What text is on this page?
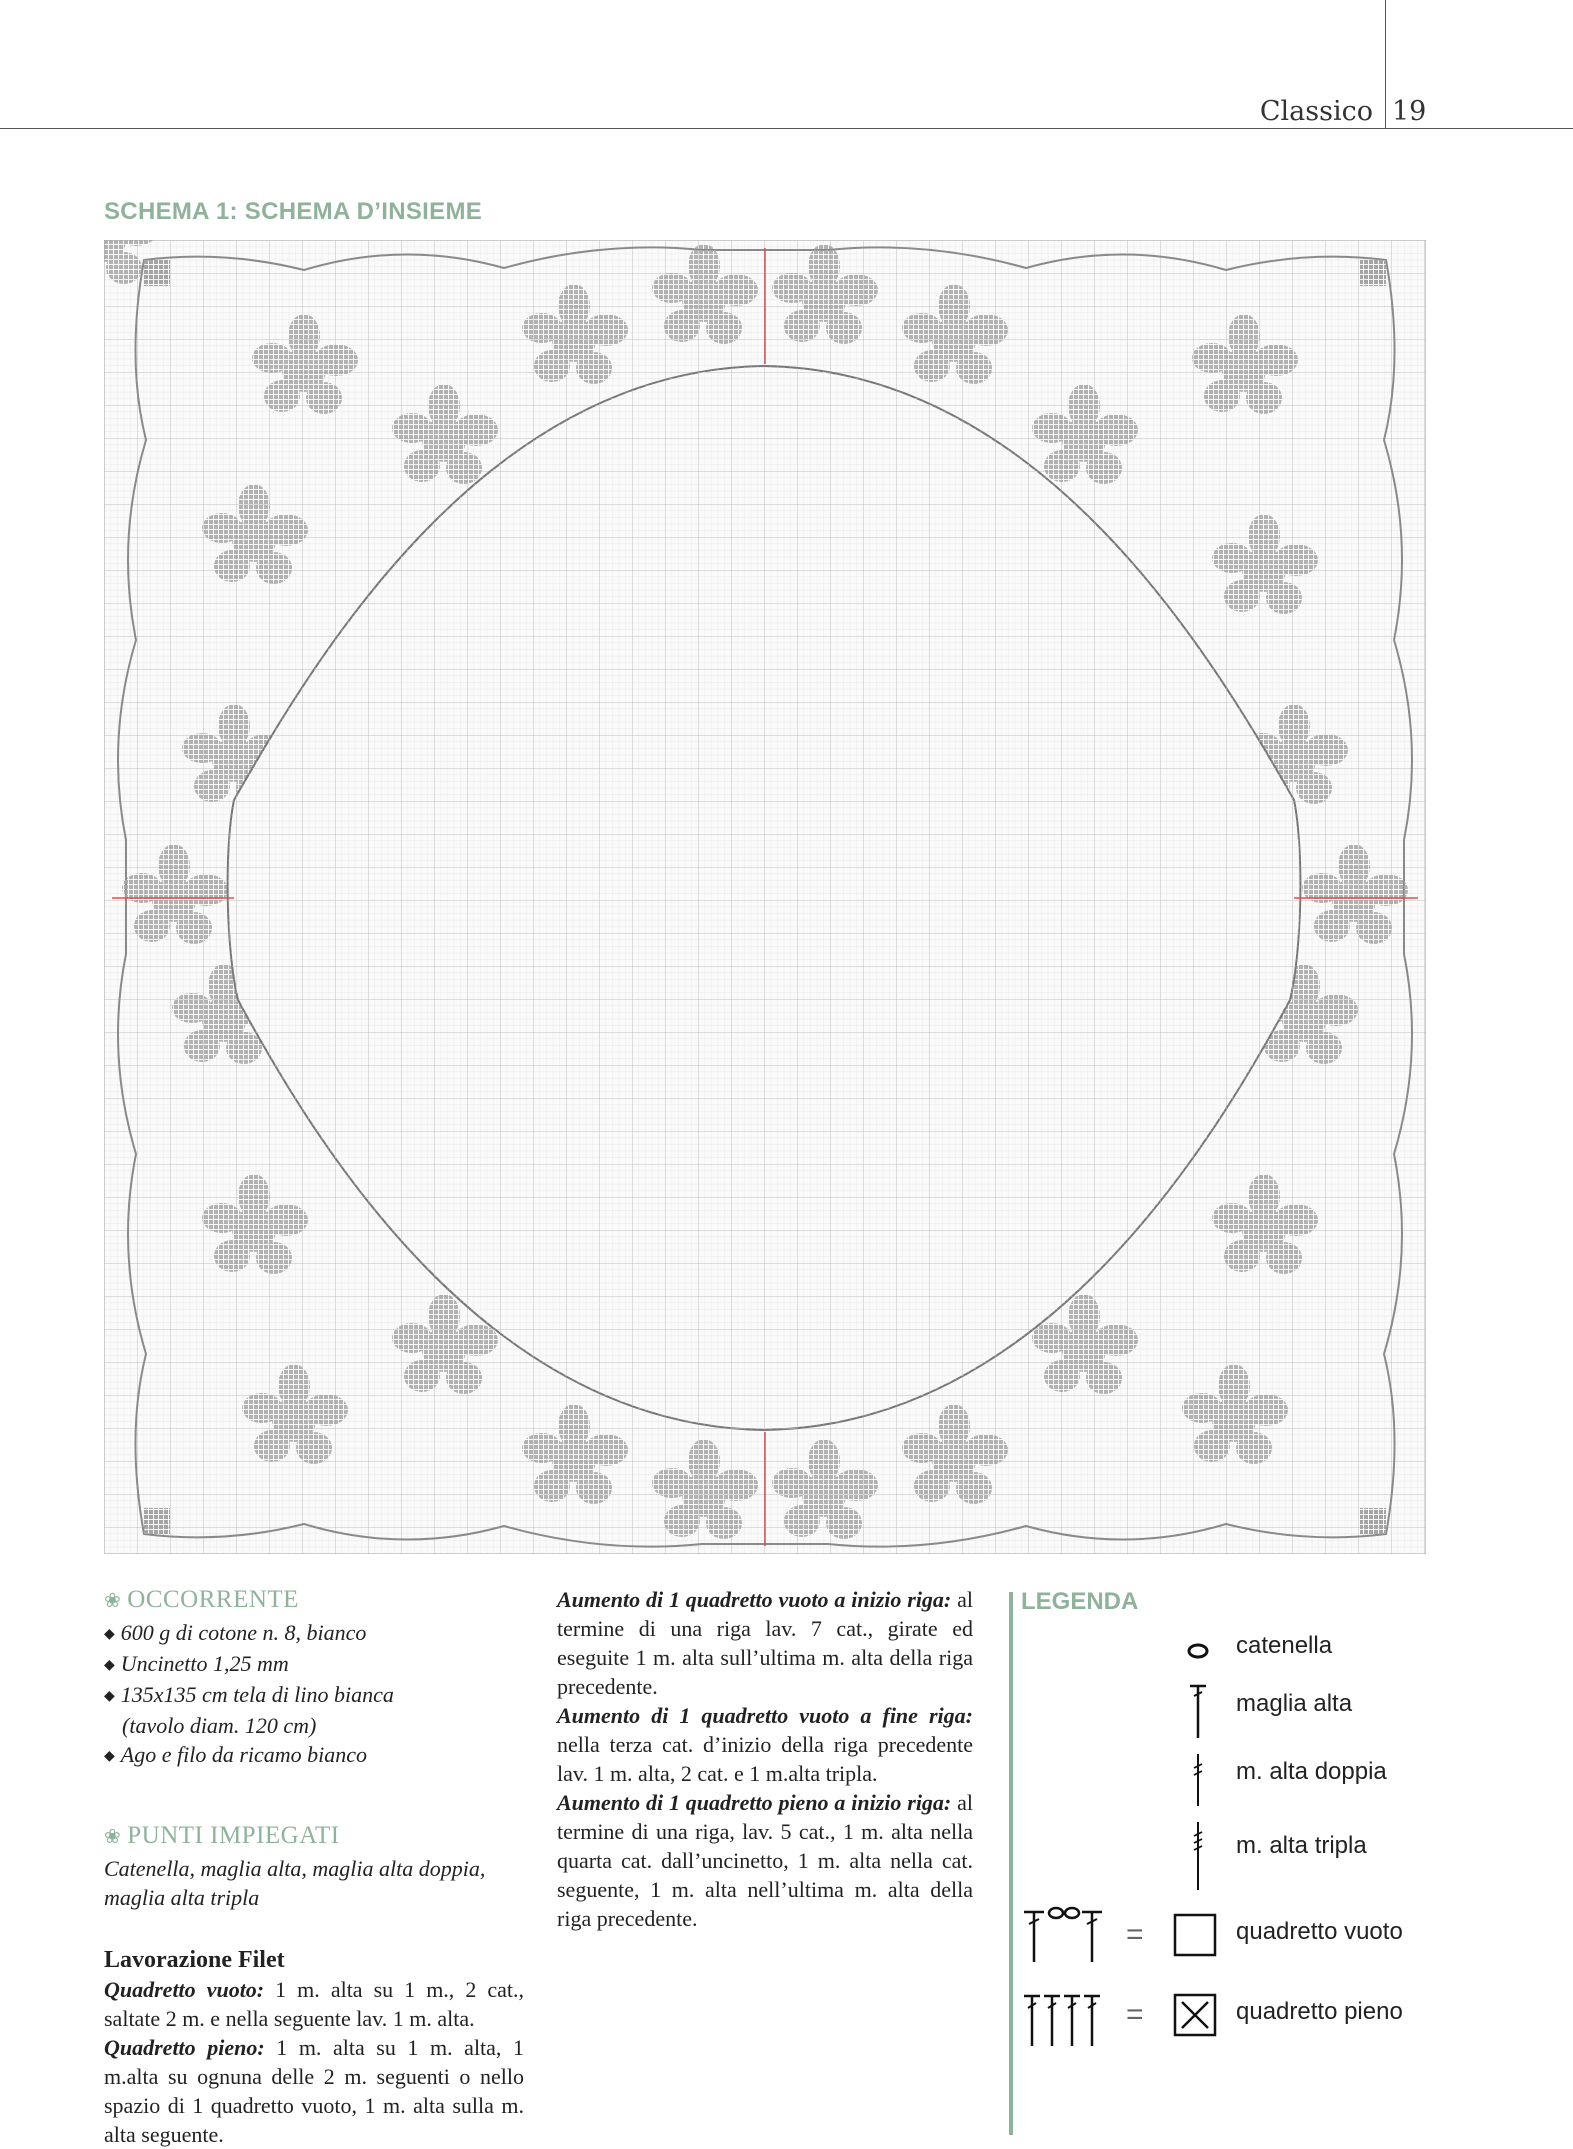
Classico 19
SCHEMA 1: SCHEMA D’INSIEME
❀ OCCORRENTE
◆ 600 g di cotone n. 8, bianco
◆ Uncinetto 1,25 mm
◆ 135x135 cm tela di lino bianca
(tavolo diam. 120 cm)
◆ Ago e filo da ricamo bianco
❀ PUNTI IMPIEGATI
Catenella, maglia alta, maglia alta doppia, maglia alta tripla
Lavorazione Filet
Quadretto vuoto: 1 m. alta su 1 m., 2 cat., saltate 2 m. e nella seguente lav. 1 m. alta.
Quadretto pieno: 1 m. alta su 1 m. alta, 1 m.alta su ognuna delle 2 m. seguenti o nello spazio di 1 quadretto vuoto, 1 m. alta sulla m. alta seguente.
Aumento di 1 quadretto vuoto a inizio riga: al termine di una riga lav. 7 cat., girate ed eseguite 1 m. alta sull’ultima m. alta della riga precedente.
Aumento di 1 quadretto vuoto a fine riga: nella terza cat. d’inizio della riga precedente lav. 1 m. alta, 2 cat. e 1 m.alta tripla.
Aumento di 1 quadretto pieno a inizio riga: al termine di una riga, lav. 5 cat., 1 m. alta nella quarta cat. dall’uncinetto, 1 m. alta nella cat. seguente, 1 m. alta nell’ultima m. alta della riga precedente.
LEGENDA
catenella
maglia alta
m. alta doppia
m. alta tripla
=	quadretto vuoto
=	quadretto pieno
